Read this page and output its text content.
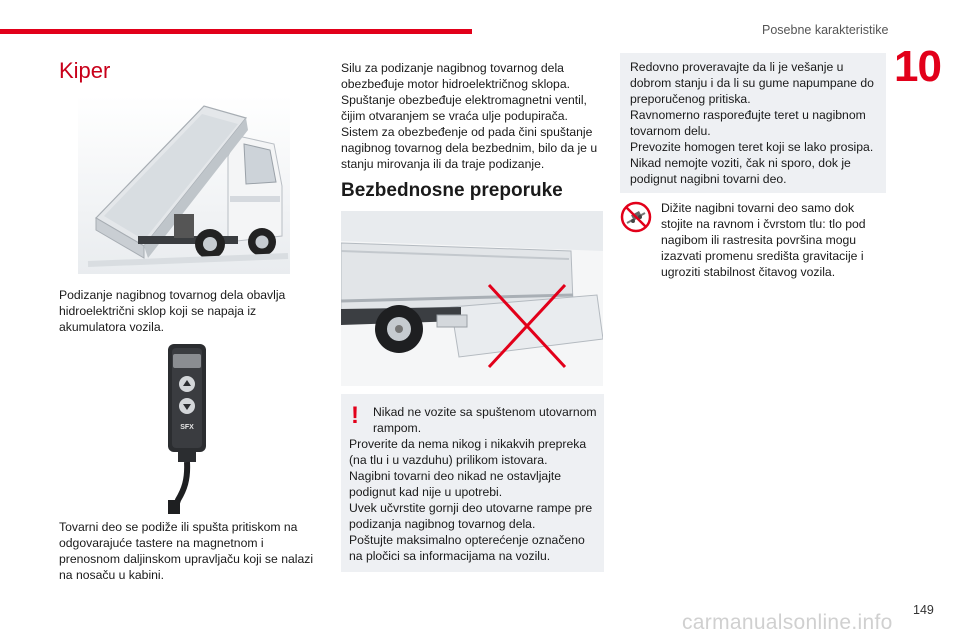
Posebne karakteristike
10
Kiper

Podizanje nagibnog tovarnog dela obavlja hidroelektrični sklop koji se napaja iz akumulatora vozila.

SFX

Tovarni deo se podiže ili spušta pritiskom na odgovarajuće tastere na magnetnom i prenosnom daljinskom upravljaču koji se nalazi na nosaču u kabini.

Silu za podizanje nagibnog tovarnog dela obezbeđuje motor hidroelektričnog sklopa. Spuštanje obezbeđuje elektromagnetni ventil, čijim otvaranjem se vraća ulje podupirača. Sistem za obezbeđenje od pada čini spuštanje nagibnog tovarnog dela bezbednim, bilo da je u stanju mirovanja ili da traje podizanje.

Bezbednosne preporuke
!	Nikad ne vozite sa spuštenom utovarnom rampom.
Proverite da nema nikog i nikakvih prepreka (na tlu i u vazduhu) prilikom istovara.
Nagibni tovarni deo nikad ne ostavljajte podignut kad nije u upotrebi.
Uvek učvrstite gornji deo utovarne rampe pre podizanja nagibnog tovarnog dela.
Poštujte maksimalno opterećenje označeno na pločici sa informacijama na vozilu.

Redovno proveravajte da li je vešanje u dobrom stanju i da li su gume napumpane do preporučenog pritiska.
Ravnomerno raspoređujte teret u nagibnom tovarnom delu.
Prevozite homogen teret koji se lako prosipa.
Nikad nemojte voziti, čak ni sporo, dok je podignut nagibni tovarni deo.

Dižite nagibni tovarni deo samo dok stojite na ravnom i čvrstom tlu: tlo pod nagibom ili rastresita površina mogu izazvati promenu središta gravitacije i ugroziti stabilnost čitavog vozila.

149
carmanualsonline.info
